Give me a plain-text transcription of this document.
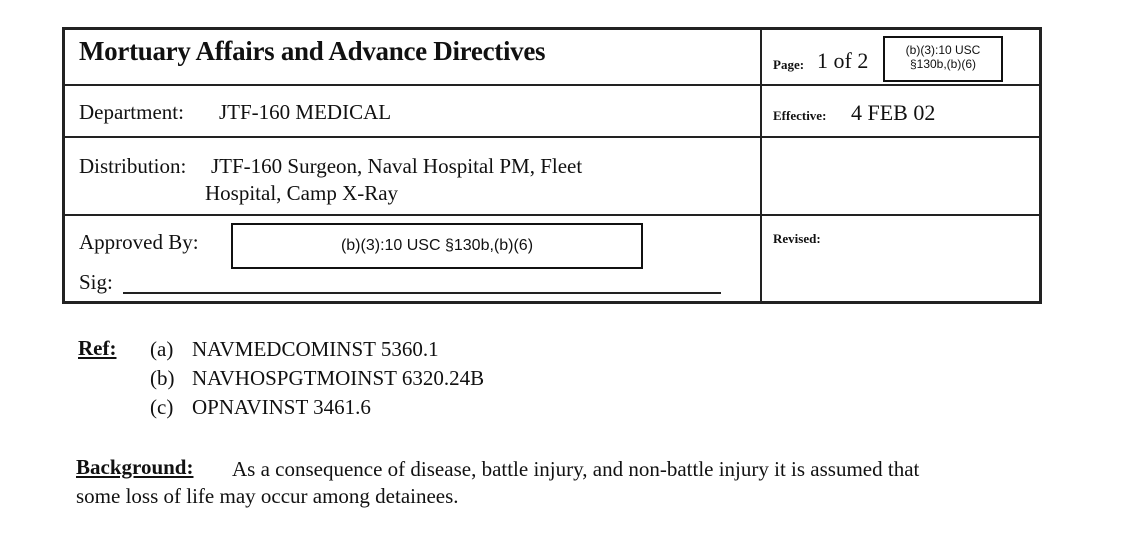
Mortuary Affairs and Advance Directives	Page: 1 of 2	(b)(3):10 USC
§130b,(b)(6)
Department: JTF-160 MEDICAL	Effective: 4 FEB 02
Distribution: JTF-160 Surgeon, Naval Hospital PM, Fleet
Hospital, Camp X-Ray
Approved By:	(b)(3):10 USC §130b,(b)(6)
Sig:
Revised:
Ref: (a) NAVMEDCOMINST 5360.1
(b) NAVHOSPGTMOINST 6320.24B
(c) OPNAVINST 3461.6
Background: As a consequence of disease, battle injury, and non-battle injury it is assumed that
some loss of life may occur among detainees.
